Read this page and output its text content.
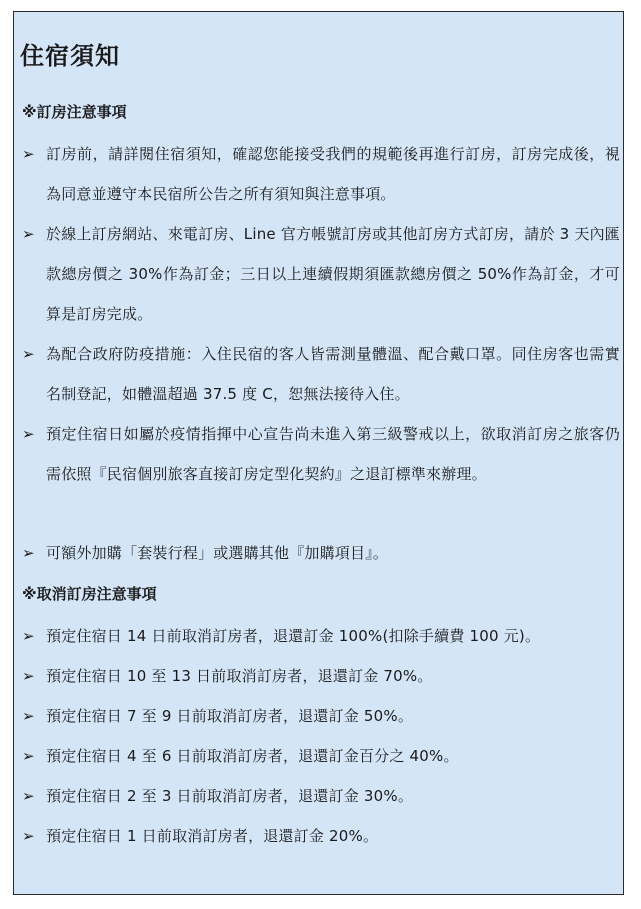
住宿須知
※訂房注意事項
➢ 訂房前，請詳閱住宿須知，確認您能接受我們的規範後再進行訂房，訂房完成後，視為同意並遵守本民宿所公告之所有須知與注意事項。
➢ 於線上訂房網站、來電訂房、Line 官方帳號訂房或其他訂房方式訂房，請於 3 天內匯款總房價之 30%作為訂金；三日以上連續假期須匯款總房價之 50%作為訂金，才可算是訂房完成。
➢ 為配合政府防疫措施：入住民宿的客人皆需測量體溫、配合戴口罩。同住房客也需實名制登記，如體溫超過 37.5 度 C，恕無法接待入住。
➢ 預定住宿日如屬於疫情指揮中心宣告尚未進入第三級警戒以上，欲取消訂房之旅客仍需依照『民宿個別旅客直接訂房定型化契約』之退訂標準來辦理。
➢ 可額外加購「套裝行程」或選購其他『加購項目』。
※取消訂房注意事項
➢ 預定住宿日 14 日前取消訂房者，退還訂金 100%(扣除手續費 100 元)。
➢ 預定住宿日 10 至 13 日前取消訂房者，退還訂金 70%。
➢ 預定住宿日 7 至 9 日前取消訂房者，退還訂金 50%。
➢ 預定住宿日 4 至 6 日前取消訂房者，退還訂金百分之 40%。
➢ 預定住宿日 2 至 3 日前取消訂房者，退還訂金 30%。
➢ 預定住宿日 1 日前取消訂房者，退還訂金 20%。
